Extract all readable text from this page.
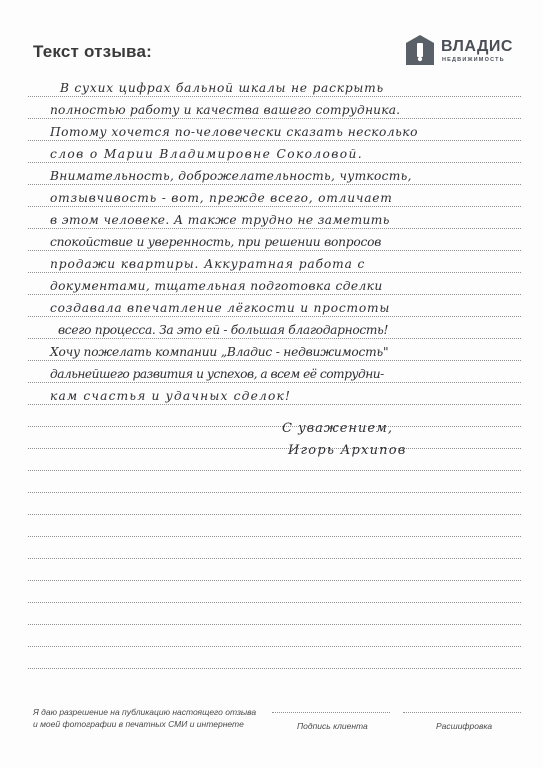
Текст отзыва:	ВЛАДИС
НЕДВИЖИМОСТЬ
В сухих цифрах бальной шкалы не раскрыть
полностью работу и качества вашего сотрудника.
Потому хочется по-человечески сказать несколько
слов о Марии Владимировне Соколовой.
Внимательность, доброжелательность, чуткость,
отзывчивость - вот, прежде всего, отличает
в этом человеке. А также трудно не заметить
спокойствие и уверенность, при решении вопросов
продажи квартиры. Аккуратная работа с
документами, тщательная подготовка сделки
создавала впечатление лёгкости и простоты
всего процесса. За это ей - большая благодарность!
Хочу пожелать компании „Владис - недвижимость"
дальнейшего развития и успехов, а всем её сотрудни-
кам счастья и удачных сделок!
С уважением,
Игорь Архипов
Я даю разрешение на публикацию настоящего отзыва
и моей фотографии в печатных СМИ и интернете	Подпись клиента	Расшифровка
